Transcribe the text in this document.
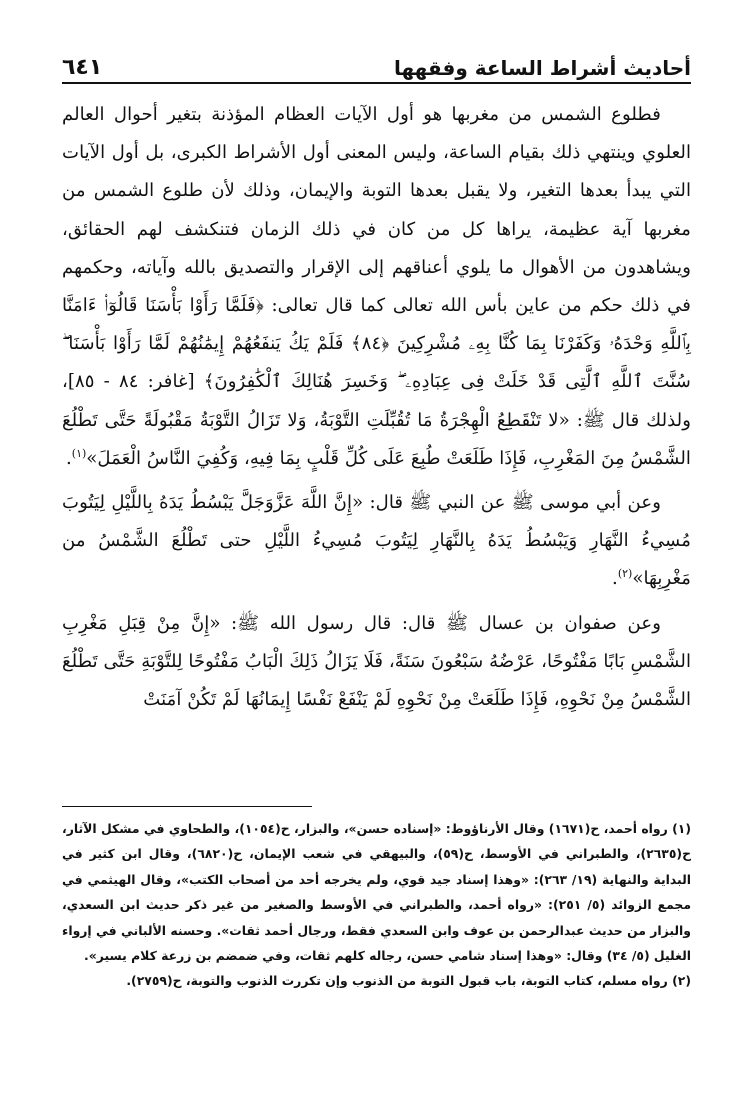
أحاديث أشراط الساعة وفقهها
٦٤١

فطلوع الشمس من مغربها هو أول الآيات العظام المؤذنة بتغير أحوال العالم العلوي وينتهي ذلك بقيام الساعة، وليس المعنى أول الأشراط الكبرى، بل أول الآيات التي يبدأ بعدها التغير، ولا يقبل بعدها التوبة والإيمان، وذلك لأن طلوع الشمس من مغربها آية عظيمة، يراها كل من كان في ذلك الزمان فتنكشف لهم الحقائق، ويشاهدون من الأهوال ما يلوي أعناقهم إلى الإقرار والتصديق بالله وآياته، وحكمهم في ذلك حكم من عاين بأس الله تعالى كما قال تعالى: ﴿فَلَمَّا رَأَوْا بَأْسَنَا قَالُوٓا۟ ءَامَنَّا بِٱللَّهِ وَحْدَهُۥ وَكَفَرْنَا بِمَا كُنَّا بِهِۦ مُشْرِكِينَ ﴿٨٤﴾ فَلَمْ يَكُ يَنفَعُهُمْ إِيمَٰنُهُمْ لَمَّا رَأَوْا بَأْسَنَا ۖ سُنَّتَ ٱللَّهِ ٱلَّتِى قَدْ خَلَتْ فِى عِبَادِهِۦ ۖ وَخَسِرَ هُنَالِكَ ٱلْكَٰفِرُونَ﴾ [غافر: ٨٤ - ٨٥]، ولذلك قال ﷺ: «لا تَنْقَطِعُ الْهِجْرَةُ مَا تُقُبِّلَتِ التَّوْبَةُ، وَلا تَزَالُ التَّوْبَةُ مَقْبُولَةً حَتَّى تَطْلُعَ الشَّمْسُ مِنَ المَغْرِبِ، فَإِذَا طَلَعَتْ طُبِعَ عَلَى كُلِّ قَلْبٍ بِمَا فِيهِ، وَكُفِيَ النَّاسُ الْعَمَلَ»$^{(١)}$.

وعن أبي موسى ﷺ عن النبي ﷺ قال: «إِنَّ اللَّهَ عَزَّوَجَلَّ يَبْسُطُ يَدَهُ بِاللَّيْلِ لِيَتُوبَ مُسِيءُ النَّهَارِ وَيَبْسُطُ يَدَهُ بِالنَّهَارِ لِيَتُوبَ مُسِيءُ اللَّيْلِ حتى تَطْلُعَ الشَّمْسُ من مَغْرِبِهَا»$^{(٢)}$.

وعن صفوان بن عسال ﷺ قال: قال رسول الله ﷺ: «إِنَّ مِنْ قِبَلِ مَغْرِبِ الشَّمْسِ بَابًا مَفْتُوحًا، عَرْضُهُ سَبْعُونَ سَنَةً، فَلَا يَزَالُ ذَلِكَ الْبَابُ مَفْتُوحًا لِلتَّوْبَةِ حَتَّى تَطْلُعَ الشَّمْسُ مِنْ نَحْوِهِ، فَإِذَا طَلَعَتْ مِنْ نَحْوِهِ لَمْ يَنْفَعْ نَفْسًا إِيمَانُهَا لَمْ تَكُنْ آمَنَتْ

(١) رواه أحمد، ح(١٦٧١) وقال الأرناؤوط: «إسناده حسن»، والبزار، ح(١٠٥٤)، والطحاوي في مشكل الآثار، ح(٢٦٣٥)، والطبراني في الأوسط، ح(٥٩)، والبيهقي في شعب الإيمان، ح(٦٨٢٠)، وقال ابن كثير في البداية والنهاية (١٩/ ٢٦٣): «وهذا إسناد جيد قوي، ولم يخرجه أحد من أصحاب الكتب»، وقال الهيثمي في مجمع الزوائد (٥/ ٢٥١): «رواه أحمد، والطبراني في الأوسط والصغير من غير ذكر حديث ابن السعدي، والبزار من حديث عبدالرحمن بن عوف وابن السعدي فقط، ورجال أحمد ثقات». وحسنه الألباني في إرواء الغليل (٥/ ٣٤) وقال: «وهذا إسناد شامي حسن، رجاله كلهم ثقات، وفي ضمضم بن زرعة كلام يسير».

(٢) رواه مسلم، كتاب التوبة، باب قبول التوبة من الذنوب وإن تكررت الذنوب والتوبة، ح(٢٧٥٩).
